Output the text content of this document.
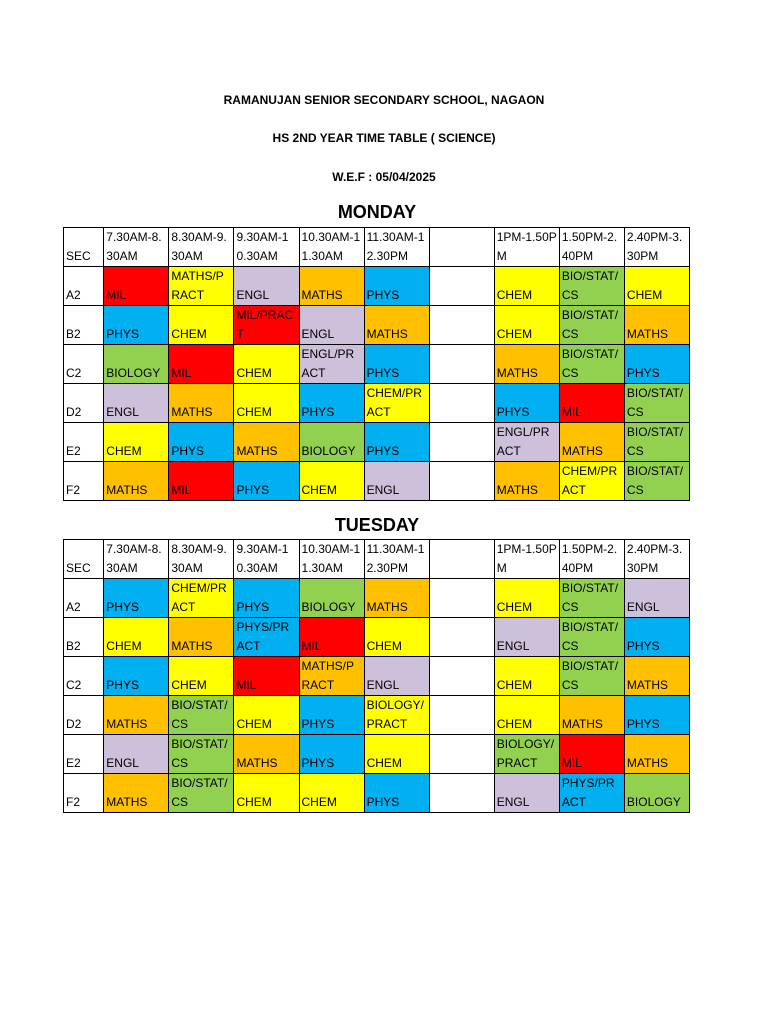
RAMANUJAN SENIOR SECONDARY SCHOOL, NAGAON
HS 2ND YEAR TIME TABLE ( SCIENCE)
W.E.F : 05/04/2025
MONDAY
SEC	7.30AM-8.30AM	8.30AM-9.30AM	9.30AM-10.30AM	10.30AM-11.30AM	11.30AM-12.30PM		1PM-1.50PM	1.50PM-2.40PM	2.40PM-3.30PM
A2	MIL	MATHS/PRACT	ENGL	MATHS	PHYS		CHEM	BIO/STAT/CS	CHEM
B2	PHYS	CHEM	MIL/PRACT	ENGL	MATHS		CHEM	BIO/STAT/CS	MATHS
C2	BIOLOGY	MIL	CHEM	ENGL/PRACT	PHYS		MATHS	BIO/STAT/CS	PHYS
D2	ENGL	MATHS	CHEM	PHYS	CHEM/PRACT		PHYS	MIL	BIO/STAT/CS
E2	CHEM	PHYS	MATHS	BIOLOGY	PHYS		ENGL/PRACT	MATHS	BIO/STAT/CS
F2	MATHS	MIL	PHYS	CHEM	ENGL		MATHS	CHEM/PRACT	BIO/STAT/CS
TUESDAY
SEC	7.30AM-8.30AM	8.30AM-9.30AM	9.30AM-10.30AM	10.30AM-11.30AM	11.30AM-12.30PM		1PM-1.50PM	1.50PM-2.40PM	2.40PM-3.30PM
A2	PHYS	CHEM/PRACT	PHYS	BIOLOGY	MATHS		CHEM	BIO/STAT/CS	ENGL
B2	CHEM	MATHS	PHYS/PRACT	MIL	CHEM		ENGL	BIO/STAT/CS	PHYS
C2	PHYS	CHEM	MIL	MATHS/PRACT	ENGL		CHEM	BIO/STAT/CS	MATHS
D2	MATHS	BIO/STAT/CS	CHEM	PHYS	BIOLOGY/PRACT		CHEM	MATHS	PHYS
E2	ENGL	BIO/STAT/CS	MATHS	PHYS	CHEM		BIOLOGY/PRACT	MIL	MATHS
F2	MATHS	BIO/STAT/CS	CHEM	CHEM	PHYS		ENGL	PHYS/PRACT	BIOLOGY
